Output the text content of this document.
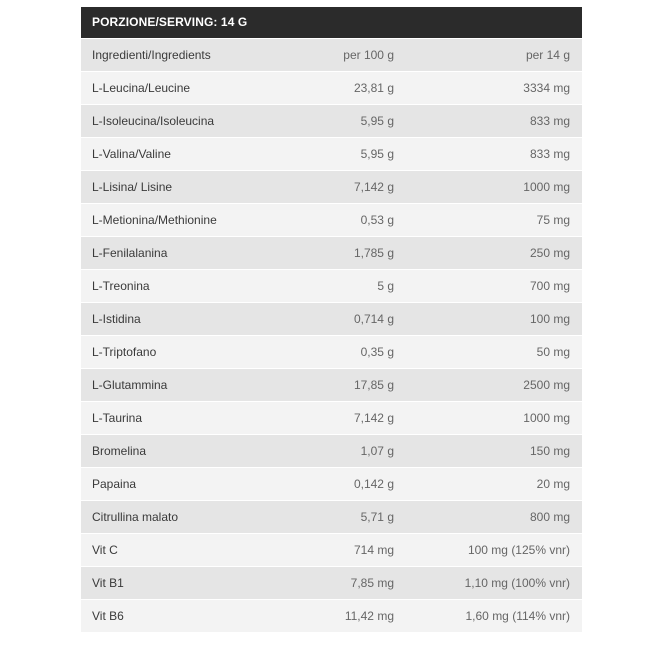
PORZIONE/SERVING: 14 G
Ingredienti/Ingredients	per 100 g	per 14 g
L-Leucina/Leucine	23,81 g	3334 mg
L-Isoleucina/Isoleucina	5,95 g	833 mg
L-Valina/Valine	5,95 g	833 mg
L-Lisina/ Lisine	7,142 g	1000 mg
L-Metionina/Methionine	0,53 g	75 mg
L-Fenilalanina	1,785 g	250 mg
L-Treonina	5 g	700 mg
L-Istidina	0,714 g	100 mg
L-Triptofano	0,35 g	50 mg
L-Glutammina	17,85 g	2500 mg
L-Taurina	7,142 g	1000 mg
Bromelina	1,07 g	150 mg
Papaina	0,142 g	20 mg
Citrullina malato	5,71 g	800 mg
Vit C	714 mg	100 mg (125% vnr)
Vit B1	7,85 mg	1,10 mg (100% vnr)
Vit B6	11,42 mg	1,60 mg (114% vnr)
